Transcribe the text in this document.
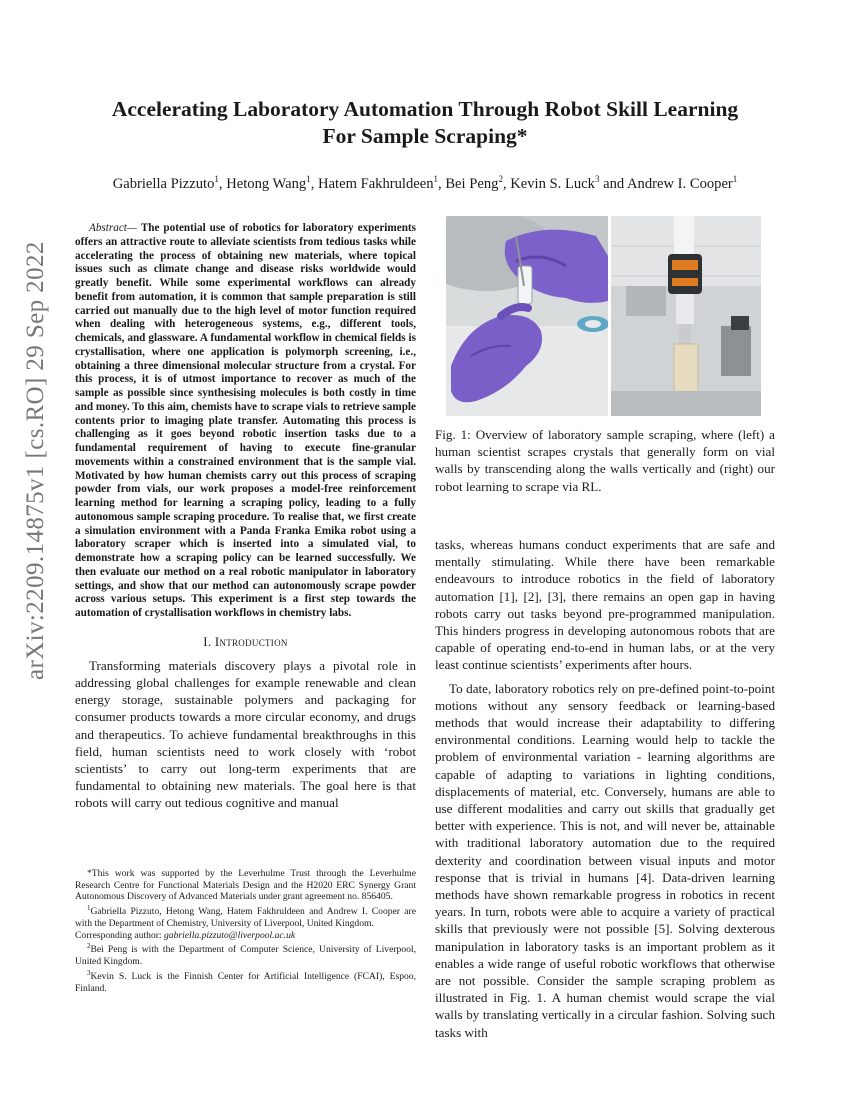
arXiv:2209.14875v1 [cs.RO] 29 Sep 2022
Accelerating Laboratory Automation Through Robot Skill Learning
For Sample Scraping*
Gabriella Pizzuto$^1$, Hetong Wang$^1$, Hatem Fakhruldeen$^1$, Bei Peng$^2$, Kevin S. Luck$^3$ and Andrew I. Cooper$^1$

Abstract— The potential use of robotics for laboratory experiments offers an attractive route to alleviate scientists from tedious tasks while accelerating the process of obtaining new materials, where topical issues such as climate change and disease risks worldwide would greatly benefit. While some experimental workflows can already benefit from automation, it is common that sample preparation is still carried out manually due to the high level of motor function required when dealing with heterogeneous systems, e.g., different tools, chemicals, and glassware. A fundamental workflow in chemical fields is crystallisation, where one application is polymorph screening, i.e., obtaining a three dimensional molecular structure from a crystal. For this process, it is of utmost importance to recover as much of the sample as possible since synthesising molecules is both costly in time and money. To this aim, chemists have to scrape vials to retrieve sample contents prior to imaging plate transfer. Automating this process is challenging as it goes beyond robotic insertion tasks due to a fundamental requirement of having to execute fine-granular movements within a constrained environment that is the sample vial. Motivated by how human chemists carry out this process of scraping powder from vials, our work proposes a model-free reinforcement learning method for learning a scraping policy, leading to a fully autonomous sample scraping procedure. To realise that, we first create a simulation environment with a Panda Franka Emika robot using a laboratory scraper which is inserted into a simulated vial, to demonstrate how a scraping policy can be learned successfully. We then evaluate our method on a real robotic manipulator in laboratory settings, and show that our method can autonomously scrape powder across various setups. This experiment is a first step towards the automation of crystallisation workflows in chemistry labs.

I. Introduction

Transforming materials discovery plays a pivotal role in addressing global challenges for example renewable and clean energy storage, sustainable polymers and packaging for consumer products towards a more circular economy, and drugs and therapeutics. To achieve fundamental breakthroughs in this field, human scientists need to work closely with ‘robot scientists’ to carry out long-term experiments that are fundamental to obtaining new materials. The goal here is that robots will carry out tedious cognitive and manual

*This work was supported by the Leverhulme Trust through the Leverhulme Research Centre for Functional Materials Design and the H2020 ERC Synergy Grant Autonomous Discovery of Advanced Materials under grant agreement no. 856405.

$^1$Gabriella Pizzuto, Hetong Wang, Hatem Fakhruldeen and Andrew I. Cooper are with the Department of Chemistry, University of Liverpool, United Kingdom.

Corresponding author: gabriella.pizzuto@liverpool.ac.uk

$^2$Bei Peng is with the Department of Computer Science, University of Liverpool, United Kingdom.

$^3$Kevin S. Luck is the Finnish Center for Artificial Intelligence (FCAI), Espoo, Finland.

Fig. 1: Overview of laboratory sample scraping, where (left) a human scientist scrapes crystals that generally form on vial walls by transcending along the walls vertically and (right) our robot learning to scrape via RL.

tasks, whereas humans conduct experiments that are safe and mentally stimulating. While there have been remarkable endeavours to introduce robotics in the field of laboratory automation [1], [2], [3], there remains an open gap in having robots carry out tasks beyond pre-programmed manipulation. This hinders progress in developing autonomous robots that are capable of operating end-to-end in human labs, or at the very least continue scientists’ experiments after hours.

To date, laboratory robotics rely on pre-defined point-to-point motions without any sensory feedback or learning-based methods that would increase their adaptability to differing environmental conditions. Learning would help to tackle the problem of environmental variation - learning algorithms are capable of adapting to variations in lighting conditions, displacements of material, etc. Conversely, humans are able to use different modalities and carry out skills that gradually get better with experience. This is not, and will never be, attainable with traditional laboratory automation due to the required dexterity and coordination between visual inputs and motor response that is trivial in humans [4]. Data-driven learning methods have shown remarkable progress in robotics in recent years. In turn, robots were able to acquire a variety of practical skills that previously were not possible [5]. Solving dexterous manipulation in laboratory tasks is an important problem as it enables a wide range of useful robotic workflows that otherwise are not possible. Consider the sample scraping problem as illustrated in Fig. 1. A human chemist would scrape the vial walls by translating vertically in a circular fashion. Solving such tasks with
